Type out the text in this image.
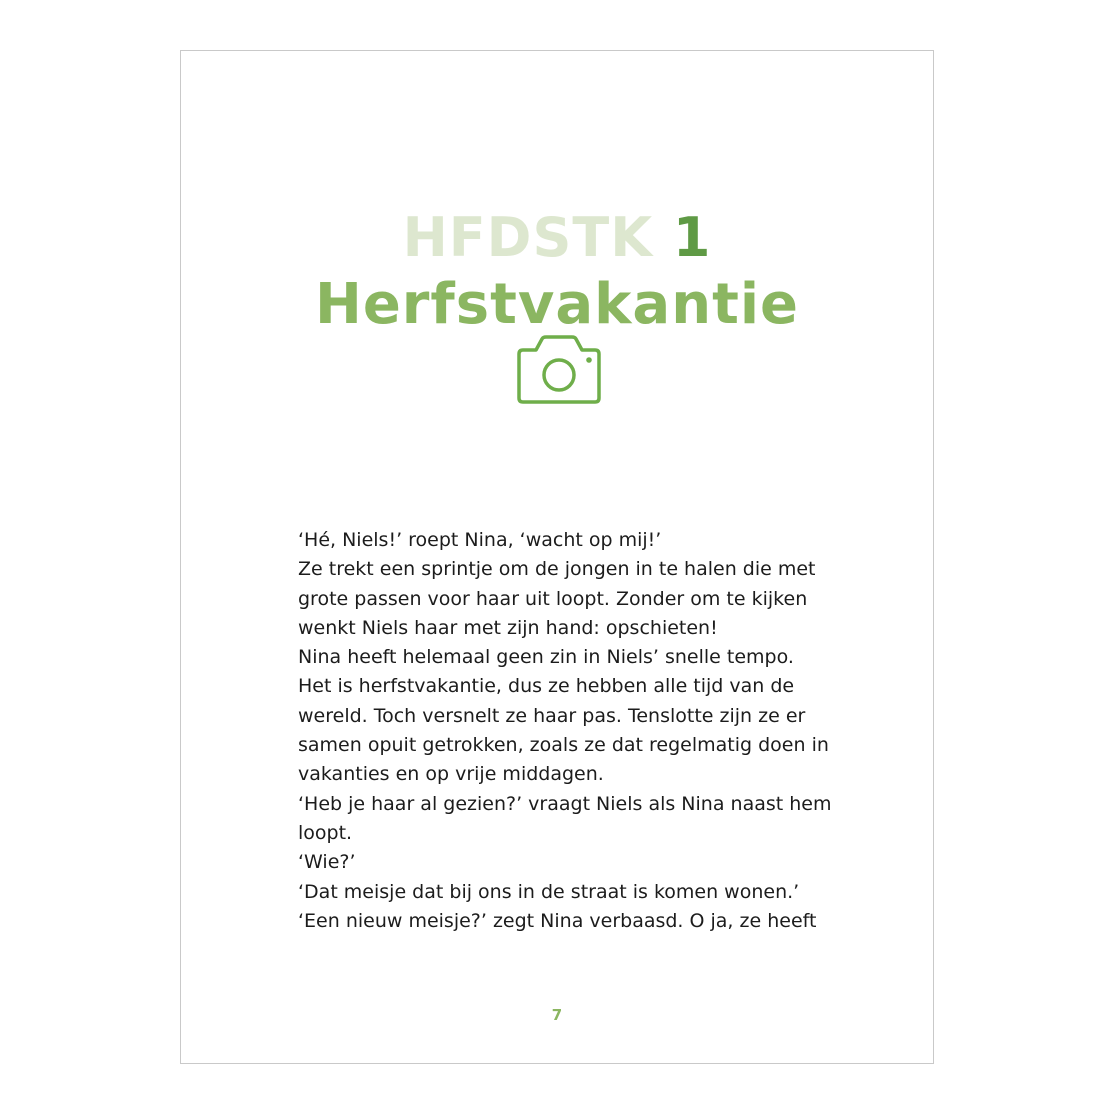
HFDSTK 1
Herfstvakantie

‘Hé, Niels!’ roept Nina, ‘wacht op mij!’

Ze trekt een sprintje om de jongen in te halen die met

grote passen voor haar uit loopt. Zonder om te kijken

wenkt Niels haar met zijn hand: opschieten!

Nina heeft helemaal geen zin in Niels’ snelle tempo.

Het is herfstvakantie, dus ze hebben alle tijd van de

wereld. Toch versnelt ze haar pas. Tenslotte zijn ze er

samen opuit getrokken, zoals ze dat regelmatig doen in

vakanties en op vrije middagen.

‘Heb je haar al gezien?’ vraagt Niels als Nina naast hem

loopt.

‘Wie?’

‘Dat meisje dat bij ons in de straat is komen wonen.’

‘Een nieuw meisje?’ zegt Nina verbaasd. O ja, ze heeft

7
